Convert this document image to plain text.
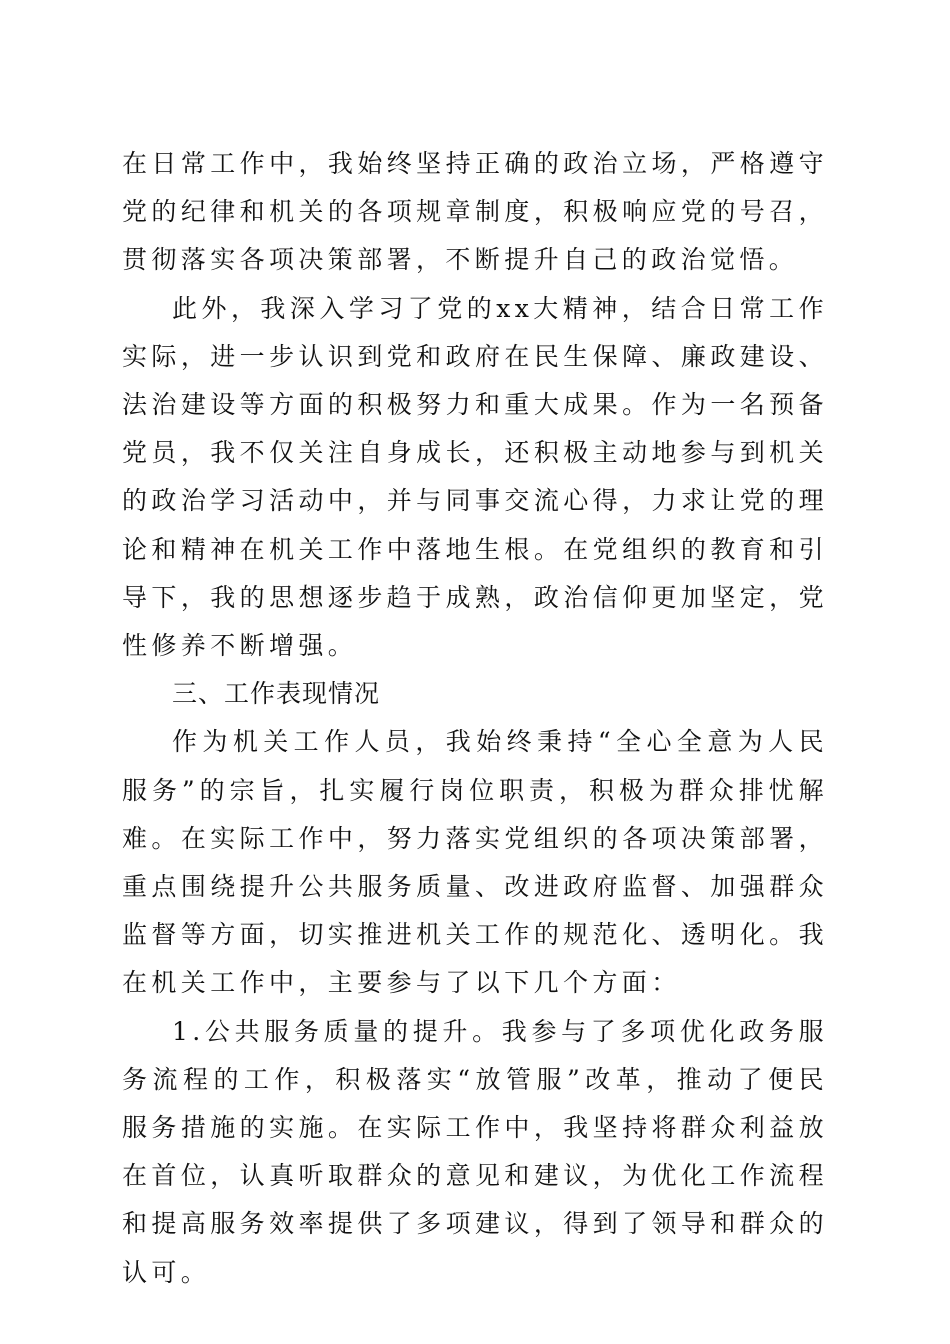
在日常工作中，我始终坚持正确的政治立场，严格遵守党的纪律和机关的各项规章制度，积极响应党的号召，贯彻落实各项决策部署，不断提升自己的政治觉悟。

此外，我深入学习了党的xx大精神，结合日常工作实际，进一步认识到党和政府在民生保障、廉政建设、法治建设等方面的积极努力和重大成果。作为一名预备党员，我不仅关注自身成长，还积极主动地参与到机关的政治学习活动中，并与同事交流心得，力求让党的理论和精神在机关工作中落地生根。在党组织的教育和引导下，我的思想逐步趋于成熟，政治信仰更加坚定，党性修养不断增强。

三、工作表现情况

作为机关工作人员，我始终秉持“全心全意为人民服务”的宗旨，扎实履行岗位职责，积极为群众排忧解难。在实际工作中，努力落实党组织的各项决策部署，重点围绕提升公共服务质量、改进政府监督、加强群众监督等方面，切实推进机关工作的规范化、透明化。我在机关工作中，主要参与了以下几个方面：

1.公共服务质量的提升。我参与了多项优化政务服务流程的工作，积极落实“放管服”改革，推动了便民服务措施的实施。在实际工作中，我坚持将群众利益放在首位，认真听取群众的意见和建议，为优化工作流程和提高服务效率提供了多项建议，得到了领导和群众的认可。
